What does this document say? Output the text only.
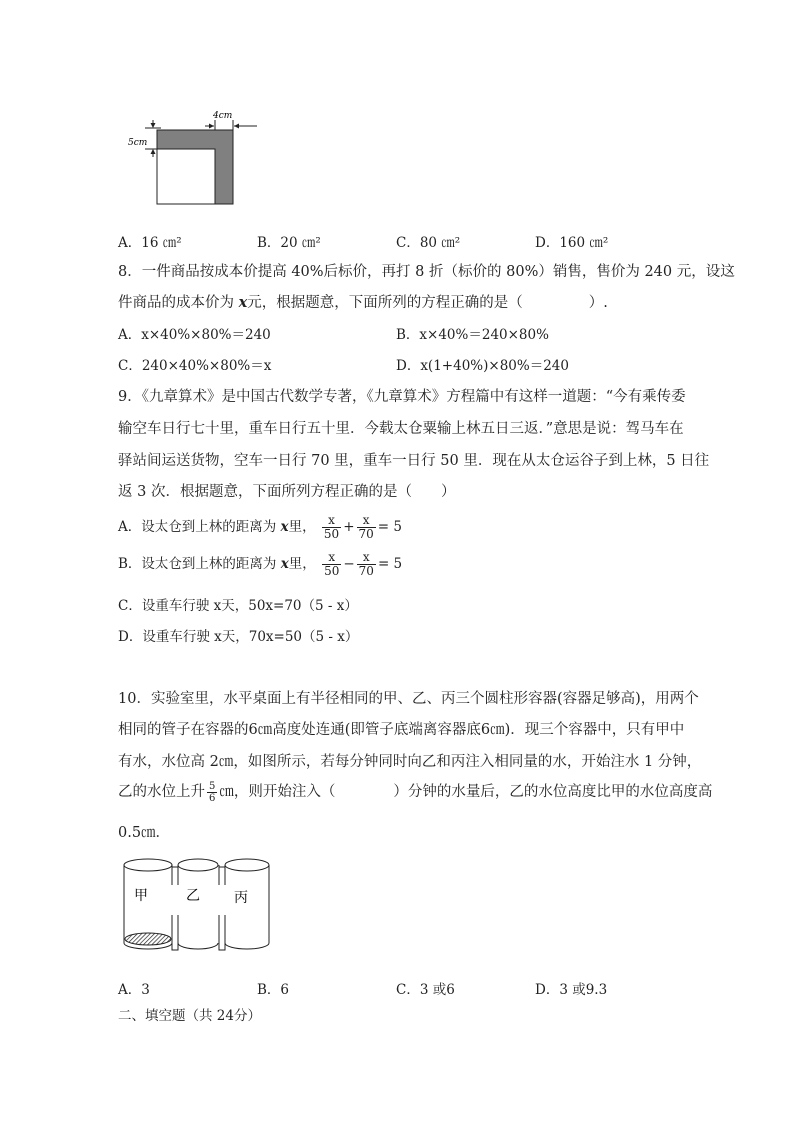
4cm
5cm
A．16 ㎝²	B．20 ㎝²	C．80 ㎝²	D．160 ㎝²
8．一件商品按成本价提高 40%后标价，再打 8 折（标价的 80%）销售，售价为 240 元，设这
件商品的成本价为 x元，根据题意，下面所列的方程正确的是（	）.
A．x×40%×80%＝240	B．x×40%＝240×80%
C．240×40%×80%＝x	D．x(1+40%)×80%＝240
9．《九章算术》是中国古代数学专著，《九章算术》方程篇中有这样一道题：“今有乘传委
输空车日行七十里，重车日行五十里．今载太仓粟输上林五日三返．”意思是说：驾马车在
驿站间运送货物，空车一日行 70 里，重车一日行 50 里．现在从太仓运谷子到上林，5 日往
返 3 次．根据题意，下面所列方程正确的是（　　）
A．设太仓到上林的距离为 x里， $\frac{x}{50} + \frac{x}{70} = 5$
B．设太仓到上林的距离为 x里， $\frac{x}{50} - \frac{x}{70} = 5$
C．设重车行驶 x天，50x=70（5 - x）
D．设重车行驶 x天，70x=50（5 - x）
10．实验室里，水平桌面上有半径相同的甲、乙、丙三个圆柱形容器(容器足够高)，用两个
相同的管子在容器的6㎝高度处连通(即管子底端离容器底6㎝)．现三个容器中，只有甲中
有水，水位高 2㎝，如图所示，若每分钟同时向乙和丙注入相同量的水，开始注水 1 分钟，
乙的水位上升 $\frac{5}{6}$ ㎝，则开始注入（	）分钟的水量后，乙的水位高度比甲的水位高度高
0.5㎝．
甲	乙 丙
A．3	B．6	C．3 或6	D．3 或9.3
二、填空题（共 24分）
